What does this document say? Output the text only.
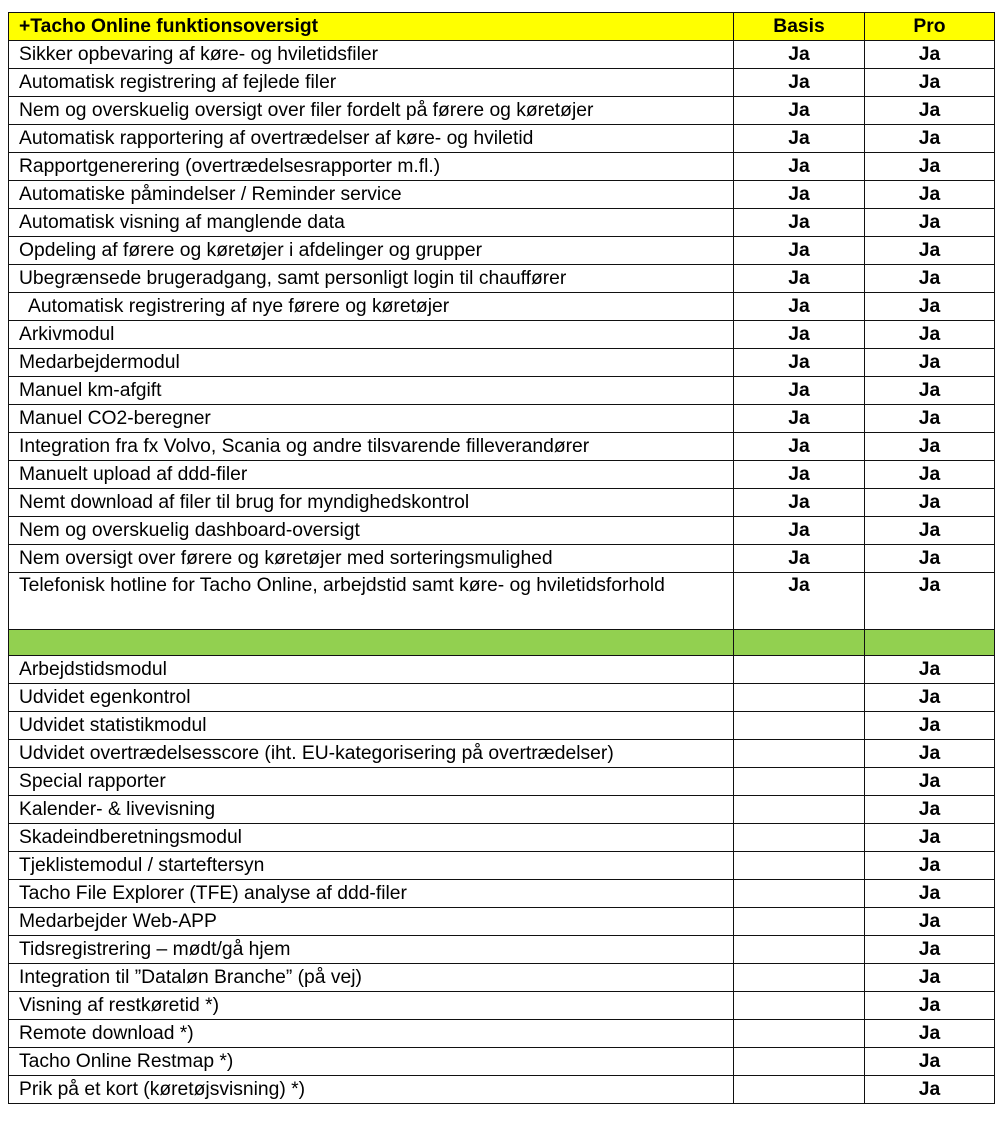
+Tacho Online funktionsoversigt	Basis	Pro
Sikker opbevaring af køre- og hviletidsfiler	Ja	Ja
Automatisk registrering af fejlede filer	Ja	Ja
Nem og overskuelig oversigt over filer fordelt på førere og køretøjer	Ja	Ja
Automatisk rapportering af overtrædelser af køre- og hviletid	Ja	Ja
Rapportgenerering (overtrædelsesrapporter m.fl.)	Ja	Ja
Automatiske påmindelser / Reminder service	Ja	Ja
Automatisk visning af manglende data	Ja	Ja
Opdeling af førere og køretøjer i afdelinger og grupper	Ja	Ja
Ubegrænsede brugeradgang, samt personligt login til chauffører	Ja	Ja
Automatisk registrering af nye førere og køretøjer	Ja	Ja
Arkivmodul	Ja	Ja
Medarbejdermodul	Ja	Ja
Manuel km-afgift	Ja	Ja
Manuel CO2-beregner	Ja	Ja
Integration fra fx Volvo, Scania og andre tilsvarende filleverandører	Ja	Ja
Manuelt upload af ddd-filer	Ja	Ja
Nemt download af filer til brug for myndighedskontrol	Ja	Ja
Nem og overskuelig dashboard-oversigt	Ja	Ja
Nem oversigt over førere og køretøjer med sorteringsmulighed	Ja	Ja
Telefonisk hotline for Tacho Online, arbejdstid samt køre- og hviletidsforhold	Ja	Ja

Arbejdstidsmodul		Ja
Udvidet egenkontrol		Ja
Udvidet statistikmodul		Ja
Udvidet overtrædelsesscore (iht. EU-kategorisering på overtrædelser)		Ja
Special rapporter		Ja
Kalender- & livevisning		Ja
Skadeindberetningsmodul		Ja
Tjeklistemodul / starteftersyn		Ja
Tacho File Explorer (TFE) analyse af ddd-filer		Ja
Medarbejder Web-APP		Ja
Tidsregistrering – mødt/gå hjem		Ja
Integration til ”Dataløn Branche” (på vej)		Ja
Visning af restkøretid *)		Ja
Remote download *)		Ja
Tacho Online Restmap *)		Ja
Prik på et kort (køretøjsvisning) *)		Ja
